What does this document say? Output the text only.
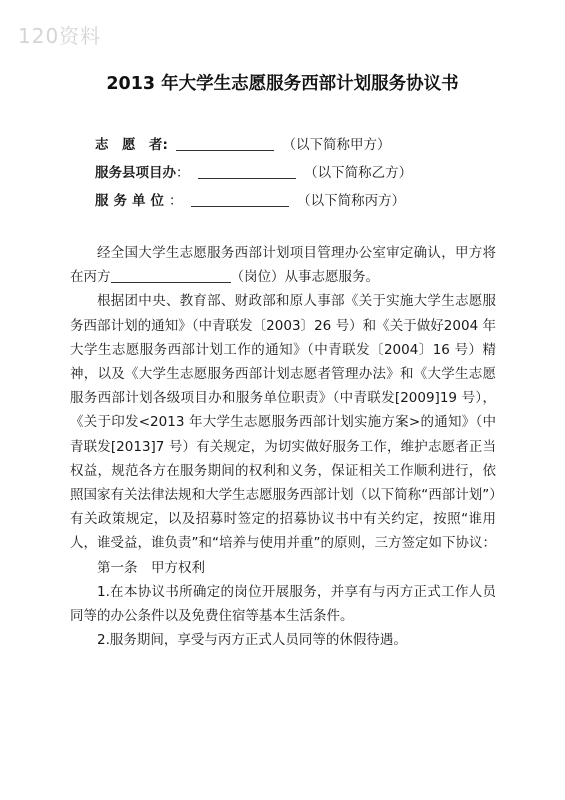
120资料
2013 年大学生志愿服务西部计划服务协议书
志　愿　者:	（以下简称甲方）
服务县项目办：	（以下简称乙方）
服务单位：	（以下简称丙方）

经全国大学生志愿服务西部计划项目管理办公室审定确认，甲方将在丙方	（岗位）从事志愿服务。

根据团中央、教育部、财政部和原人事部《关于实施大学生志愿服务西部计划的通知》（中青联发〔2003〕26 号）和《关于做好2004 年大学生志愿服务西部计划工作的通知》（中青联发〔2004〕16 号）精神，以及《大学生志愿服务西部计划志愿者管理办法》和《大学生志愿服务西部计划各级项目办和服务单位职责》（中青联发[2009]19 号），《关于印发<2013 年大学生志愿服务西部计划实施方案>的通知》（中青联发[2013]7 号）有关规定，为切实做好服务工作，维护志愿者正当权益，规范各方在服务期间的权利和义务，保证相关工作顺利进行，依照国家有关法律法规和大学生志愿服务西部计划（以下简称“西部计划”）有关政策规定，以及招募时签定的招募协议书中有关约定，按照“谁用人，谁受益，谁负责”和“培养与使用并重”的原则，三方签定如下协议：

第一条　甲方权利

1.在本协议书所确定的岗位开展服务，并享有与丙方正式工作人员同等的办公条件以及免费住宿等基本生活条件。

2.服务期间，享受与丙方正式人员同等的休假待遇。
